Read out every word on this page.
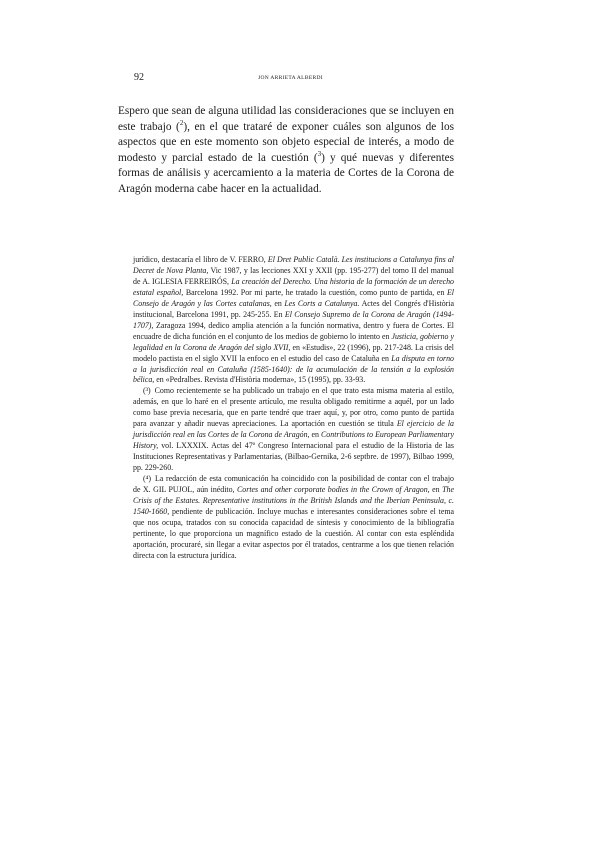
92	JON ARRIETA ALBERDI

Espero que sean de alguna utilidad las consideraciones que se incluyen en este trabajo ($^2$), en el que trataré de exponer cuáles son algunos de los aspectos que en este momento son objeto especial de interés, a modo de modesto y parcial estado de la cuestión ($^3$) y qué nuevas y diferentes formas de análisis y acercamiento a la materia de Cortes de la Corona de Aragón moderna cabe hacer en la actualidad.

jurídico, destacaría el libro de V. FERRO, El Dret Public Català. Les institucions a Catalunya fins al Decret de Nova Planta, Vic 1987, y las lecciones XXI y XXII (pp. 195-277) del tomo II del manual de A. IGLESIA FERREIRÓS, La creación del Derecho. Una historia de la formación de un derecho estatal español, Barcelona 1992. Por mi parte, he tratado la cuestión, como punto de partida, en El Consejo de Aragón y las Cortes catalanas, en Les Corts a Catalunya. Actes del Congrés d'Història institucional, Barcelona 1991, pp. 245-255. En El Consejo Supremo de la Corona de Aragón (1494-1707), Zaragoza 1994, dedico amplia atención a la función normativa, dentro y fuera de Cortes. El encuadre de dicha función en el conjunto de los medios de gobierno lo intento en Justicia, gobierno y legalidad en la Corona de Aragón del siglo XVII, en «Estudis», 22 (1996), pp. 217-248. La crisis del modelo pactista en el siglo XVII la enfoco en el estudio del caso de Cataluña en La disputa en torno a la jurisdicción real en Cataluña (1585-1640): de la acumulación de la tensión a la explosión bélica, en «Pedralbes. Revista d'Història moderna», 15 (1995), pp. 33-93.

(³) Como recientemente se ha publicado un trabajo en el que trato esta misma materia al estilo, además, en que lo haré en el presente artículo, me resulta obligado remitirme a aquél, por un lado como base previa necesaria, que en parte tendré que traer aquí, y, por otro, como punto de partida para avanzar y añadir nuevas apreciaciones. La aportación en cuestión se titula El ejercicio de la jurisdicción real en las Cortes de la Corona de Aragón, en Contributions to European Parliamentary History, vol. LXXXIX. Actas del 47º Congreso Internacional para el estudio de la Historia de las Instituciones Representativas y Parlamentarias, (Bilbao-Gernika, 2-6 septbre. de 1997), Bilbao 1999, pp. 229-260.

(⁴) La redacción de esta comunicación ha coincidido con la posibilidad de contar con el trabajo de X. GIL PUJOL, aún inédito, Cortes and other corporate bodies in the Crown of Aragon, en The Crisis of the Estates. Representative institutions in the British Islands and the Iberian Peninsula, c. 1540-1660, pendiente de publicación. Incluye muchas e interesantes consideraciones sobre el tema que nos ocupa, tratados con su conocida capacidad de síntesis y conocimiento de la bibliografía pertinente, lo que proporciona un magnífico estado de la cuestión. Al contar con esta espléndida aportación, procuraré, sin llegar a evitar aspectos por él tratados, centrarme a los que tienen relación directa con la estructura jurídica.
